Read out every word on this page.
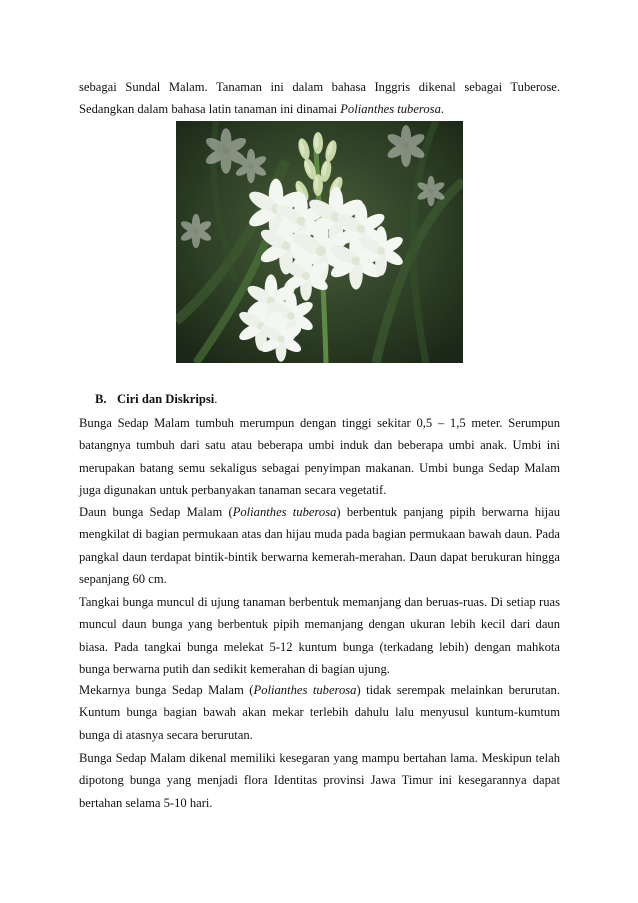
sebagai Sundal Malam. Tanaman ini dalam bahasa Inggris dikenal sebagai Tuberose. Sedangkan dalam bahasa latin tanaman ini dinamai Polianthes tuberosa.

B. Ciri dan Diskripsi.

Bunga Sedap Malam tumbuh merumpun dengan tinggi sekitar 0,5 – 1,5 meter. Serumpun batangnya tumbuh dari satu atau beberapa umbi induk dan beberapa umbi anak. Umbi ini merupakan batang semu sekaligus sebagai penyimpan makanan. Umbi bunga Sedap Malam juga digunakan untuk perbanyakan tanaman secara vegetatif.

Daun bunga Sedap Malam (Polianthes tuberosa) berbentuk panjang pipih berwarna hijau mengkilat di bagian permukaan atas dan hijau muda pada bagian permukaan bawah daun. Pada pangkal daun terdapat bintik-bintik berwarna kemerah-merahan. Daun dapat berukuran hingga sepanjang 60 cm.

Tangkai bunga muncul di ujung tanaman berbentuk memanjang dan beruas-ruas. Di setiap ruas muncul daun bunga yang berbentuk pipih memanjang dengan ukuran lebih kecil dari daun biasa. Pada tangkai bunga melekat 5-12 kuntum bunga (terkadang lebih) dengan mahkota bunga berwarna putih dan sedikit kemerahan di bagian ujung.

Mekarnya bunga Sedap Malam (Polianthes tuberosa) tidak serempak melainkan berurutan. Kuntum bunga bagian bawah akan mekar terlebih dahulu lalu menyusul kuntum-kumtum bunga di atasnya secara berurutan.

Bunga Sedap Malam dikenal memiliki kesegaran yang mampu bertahan lama. Meskipun telah dipotong bunga yang menjadi flora Identitas provinsi Jawa Timur ini kesegarannya dapat bertahan selama 5-10 hari.
